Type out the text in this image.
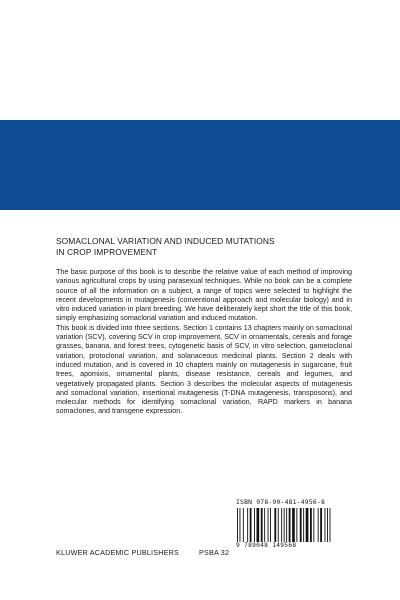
SOMACLONAL VARIATION AND INDUCED MUTATIONS
IN CROP IMPROVEMENT

The basic purpose of this book is to describe the relative value of each method of improving various agricultural crops by using parasexual techniques. While no book can be a complete source of all the information on a subject, a range of topics were selected to highlight the recent developments in mutagenesis (conventional approach and molecular biology) and in vitro induced variation in plant breeding. We have deliberately kept short the title of this book, simply emphasizing somaclonal variation and induced mutation.

This book is divided into three sections. Section 1 contains 13 chapters mainly on somaclonal variation (SCV), covering SCV in crop improvement, SCV in ornamentals, cereals and forage grasses, banana, and forest trees, cytogenetic basis of SCV, in vitro selection, gametoclonal variation, protoclonal variation, and solanaceous medicinal plants. Section 2 deals with induced mutation, and is covered in 10 chapters mainly on mutagenesis in sugarcane, fruit trees, apomixis, ornamental plants, disease resistance, cereals and legumes, and vegetatively propagated plants. Section 3 describes the molecular aspects of mutagenesis and somaclonal variation, insertional mutagenesis (T-DNA mutagenesis, transposons), and molecular methods for identifying somaclonal variation, RAPD markers in banana somaclones, and transgene expression.

ISBN 978-90-481-4956-8
9 789048 149568
KLUWER ACADEMIC PUBLISHERS	PSBA 32
